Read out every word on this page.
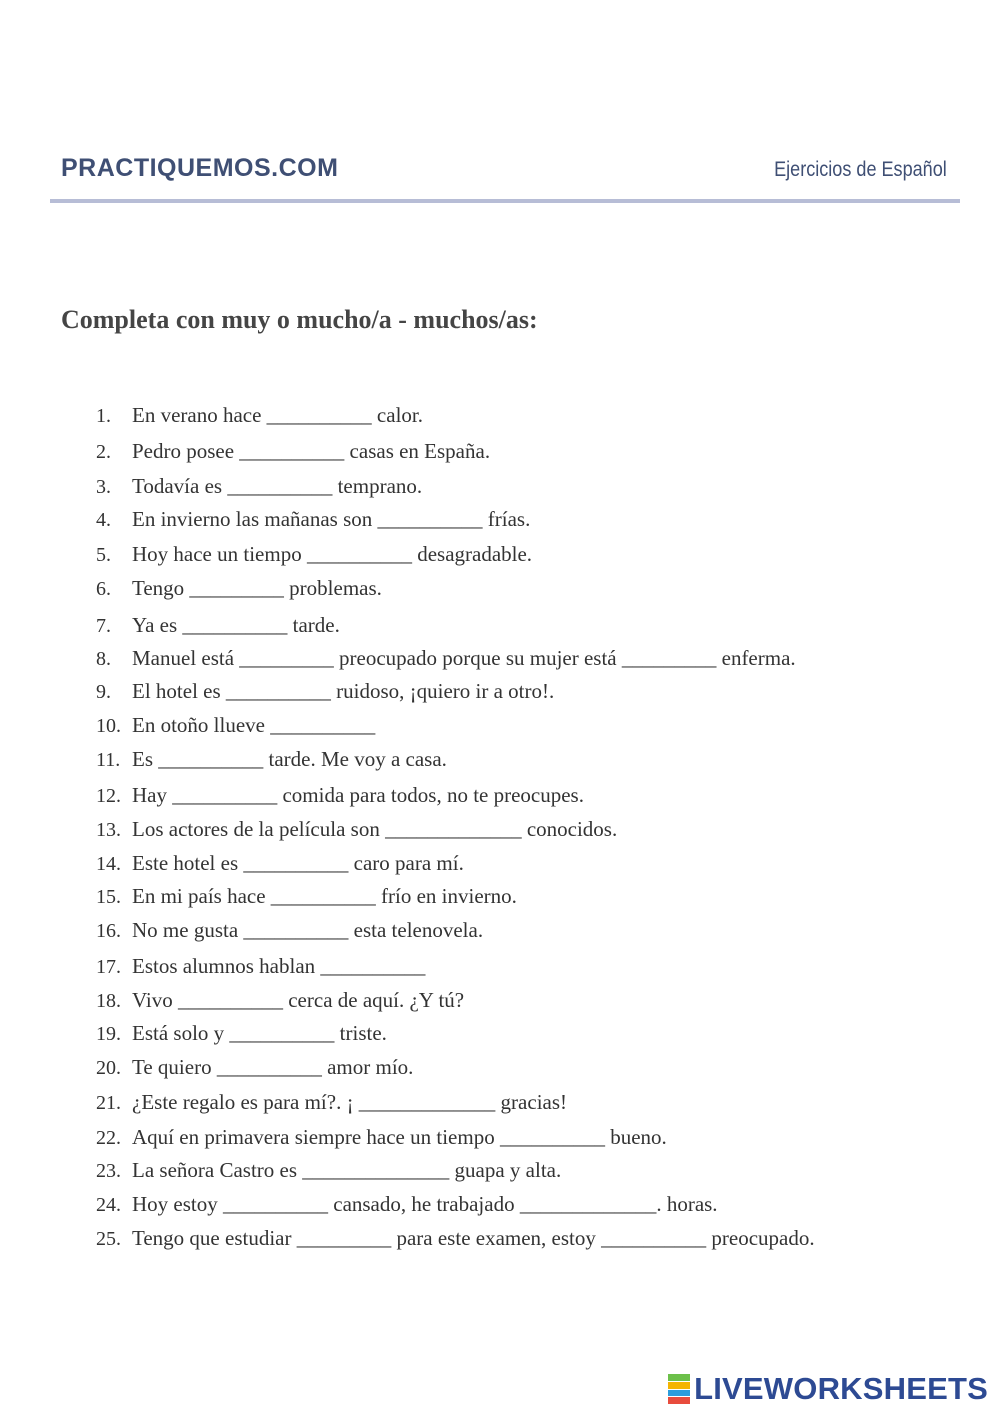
PRACTIQUEMOS.COM	Ejercicios de Español
Completa con muy o mucho/a - muchos/as:
1. En verano hace __________ calor.
2. Pedro posee __________ casas en España.
3. Todavía es __________ temprano.
4. En invierno las mañanas son __________ frías.
5. Hoy hace un tiempo __________ desagradable.
6. Tengo _________ problemas.
7. Ya es __________ tarde.
8. Manuel está _________ preocupado porque su mujer está _________ enferma.
9. El hotel es __________ ruidoso, ¡quiero ir a otro!.
10. En otoño llueve __________
11. Es __________ tarde. Me voy a casa.
12. Hay __________ comida para todos, no te preocupes.
13. Los actores de la película son _____________ conocidos.
14. Este hotel es __________ caro para mí.
15. En mi país hace __________ frío en invierno.
16. No me gusta __________ esta telenovela.
17. Estos alumnos hablan __________
18. Vivo __________ cerca de aquí. ¿Y tú?
19. Está solo y __________ triste.
20. Te quiero __________ amor mío.
21. ¿Este regalo es para mí?. ¡ _____________ gracias!
22. Aquí en primavera siempre hace un tiempo __________ bueno.
23. La señora Castro es ______________ guapa y alta.
24. Hoy estoy __________ cansado, he trabajado _____________. horas.
25. Tengo que estudiar _________ para este examen, estoy __________ preocupado.
LIVEWORKSHEETS
